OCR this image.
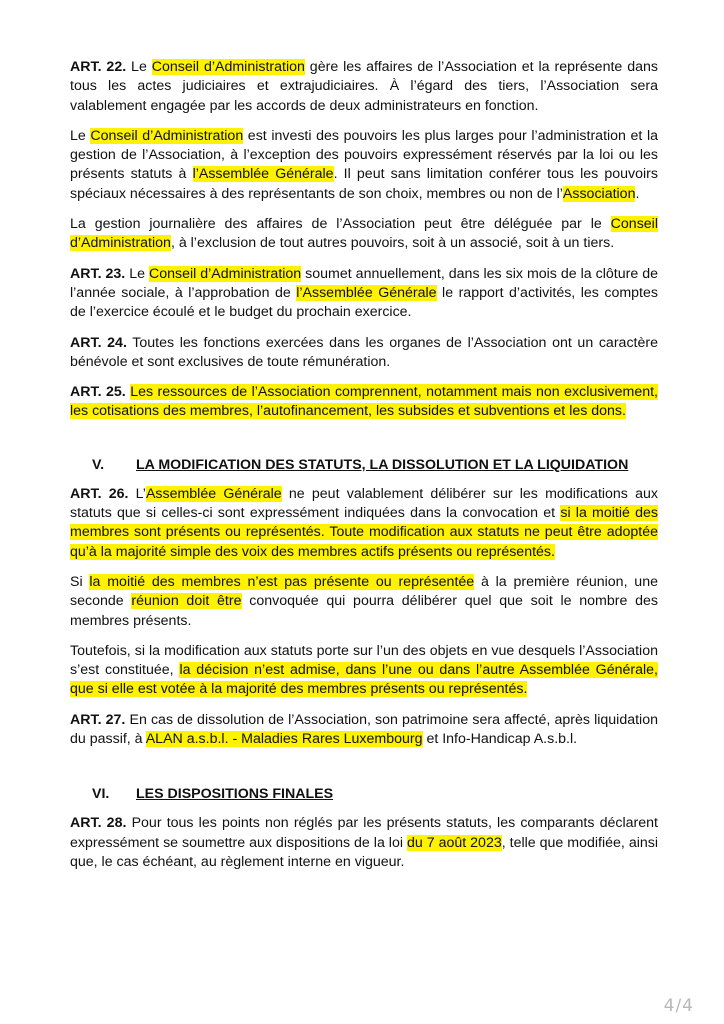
ART. 22. Le Conseil d’Administration gère les affaires de l’Association et la représente dans tous les actes judiciaires et extrajudiciaires. À l’égard des tiers, l’Association sera valablement engagée par les accords de deux administrateurs en fonction.

Le Conseil d’Administration est investi des pouvoirs les plus larges pour l’administration et la gestion de l’Association, à l’exception des pouvoirs expressément réservés par la loi ou les présents statuts à l’Assemblée Générale. Il peut sans limitation conférer tous les pouvoirs spéciaux nécessaires à des représentants de son choix, membres ou non de l’Association.

La gestion journalière des affaires de l’Association peut être déléguée par le Conseil d’Administration, à l’exclusion de tout autres pouvoirs, soit à un associé, soit à un tiers.

ART. 23. Le Conseil d’Administration soumet annuellement, dans les six mois de la clôture de l’année sociale, à l’approbation de l’Assemblée Générale le rapport d’activités, les comptes de l’exercice écoulé et le budget du prochain exercice.

ART. 24. Toutes les fonctions exercées dans les organes de l’Association ont un caractère bénévole et sont exclusives de toute rémunération.

ART. 25. Les ressources de l’Association comprennent, notamment mais non exclusivement, les cotisations des membres, l’autofinancement, les subsides et subventions et les dons.

V.	LA MODIFICATION DES STATUTS, LA DISSOLUTION ET LA LIQUIDATION

ART. 26. L’Assemblée Générale ne peut valablement délibérer sur les modifications aux statuts que si celles-ci sont expressément indiquées dans la convocation et si la moitié des membres sont présents ou représentés. Toute modification aux statuts ne peut être adoptée qu’à la majorité simple des voix des membres actifs présents ou représentés.

Si la moitié des membres n’est pas présente ou représentée à la première réunion, une seconde réunion doit être convoquée qui pourra délibérer quel que soit le nombre des membres présents.

Toutefois, si la modification aux statuts porte sur l’un des objets en vue desquels l’Association s’est constituée, la décision n’est admise, dans l’une ou dans l’autre Assemblée Générale, que si elle est votée à la majorité des membres présents ou représentés.

ART. 27. En cas de dissolution de l’Association, son patrimoine sera affecté, après liquidation du passif, à ALAN a.s.b.l. - Maladies Rares Luxembourg et Info-Handicap A.s.b.l.

VI.	LES DISPOSITIONS FINALES

ART. 28. Pour tous les points non réglés par les présents statuts, les comparants déclarent expressément se soumettre aux dispositions de la loi du 7 août 2023, telle que modifiée, ainsi que, le cas échéant, au règlement interne en vigueur.

4/4
